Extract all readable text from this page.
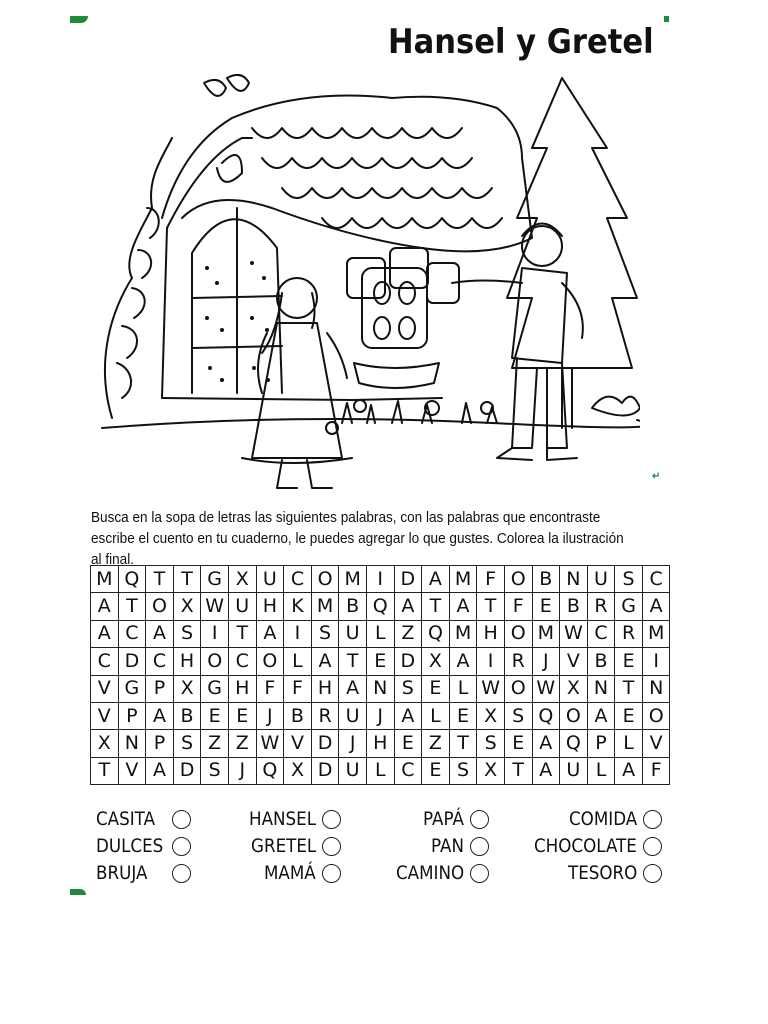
Hansel y Gretel
↵
Busca en la sopa de letras las siguientes palabras, con las palabras que encontraste escribe el cuento en tu cuaderno, le puedes agregar lo que gustes. Colorea la ilustración al final.
M	Q	T	T	G	X	U	C	O	M	I	D	A	M	F	O	B	N	U	S	C
A	T	O	X	W	U	H	K	M	B	Q	A	T	A	T	F	E	B	R	G	A
A	C	A	S	I	T	A	I	S	U	L	Z	Q	M	H	O	M	W	C	R	M
C	D	C	H	O	C	O	L	A	T	E	D	X	A	I	R	J	V	B	E	I
V	G	P	X	G	H	F	F	H	A	N	S	E	L	W	O	W	X	N	T	N
V	P	A	B	E	E	J	B	R	U	J	A	L	E	X	S	Q	O	A	E	O
X	N	P	S	Z	Z	W	V	D	J	H	E	Z	T	S	E	A	Q	P	L	V
T	V	A	D	S	J	Q	X	D	U	L	C	E	S	X	T	A	U	L	A	F
CASITA
DULCES
BRUJA
HANSEL
GRETEL
MAMÁ
PAPÁ
PAN
CAMINO
COMIDA
CHOCOLATE
TESORO
